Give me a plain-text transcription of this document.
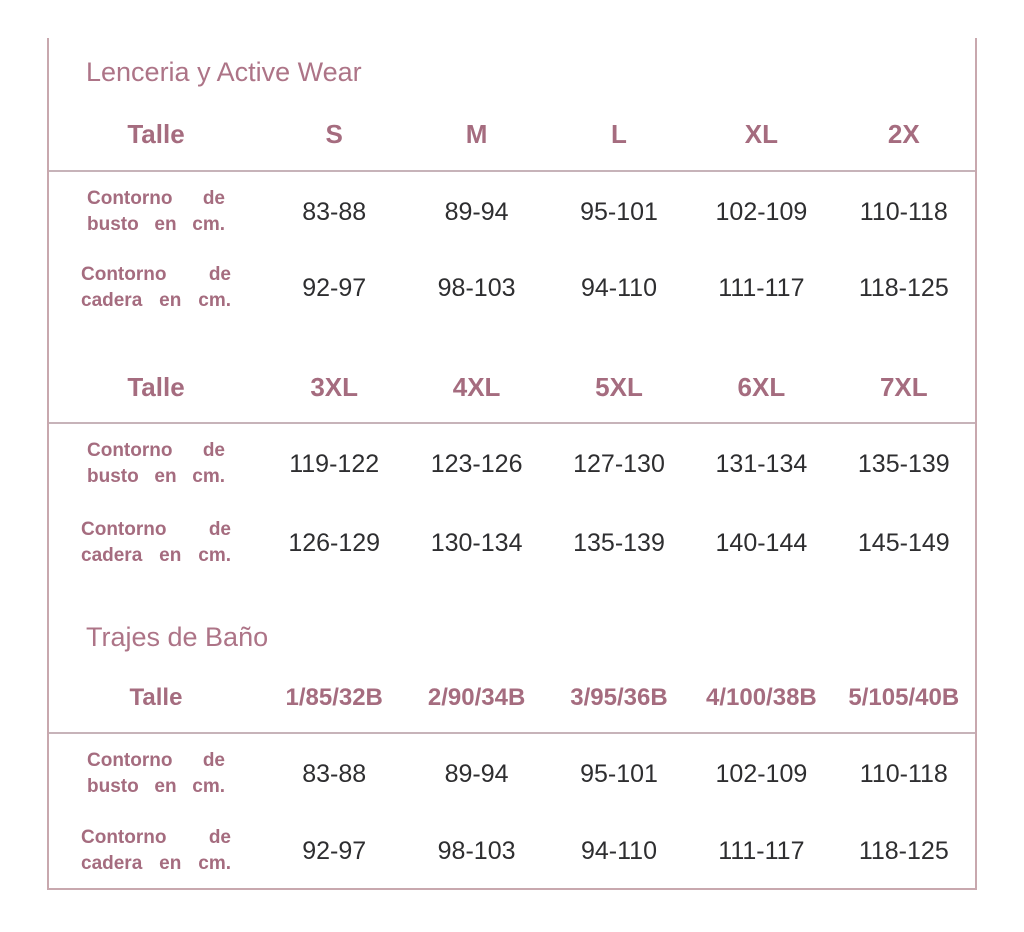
Lenceria y Active Wear
Talle	S	M	L	XL	2X
Contorno de
busto en cm.	83-88	89-94	95-101	102-109	110-118
Contorno de
cadera en cm.	92-97	98-103	94-110	111-117	118-125
Talle	3XL	4XL	5XL	6XL	7XL
Contorno de
busto en cm.	119-122	123-126	127-130	131-134	135-139
Contorno de
cadera en cm.	126-129	130-134	135-139	140-144	145-149
Trajes de Baño
Talle	1/85/32B	2/90/34B	3/95/36B	4/100/38B	5/105/40B
Contorno de
busto en cm.	83-88	89-94	95-101	102-109	110-118
Contorno de
cadera en cm.	92-97	98-103	94-110	111-117	118-125
